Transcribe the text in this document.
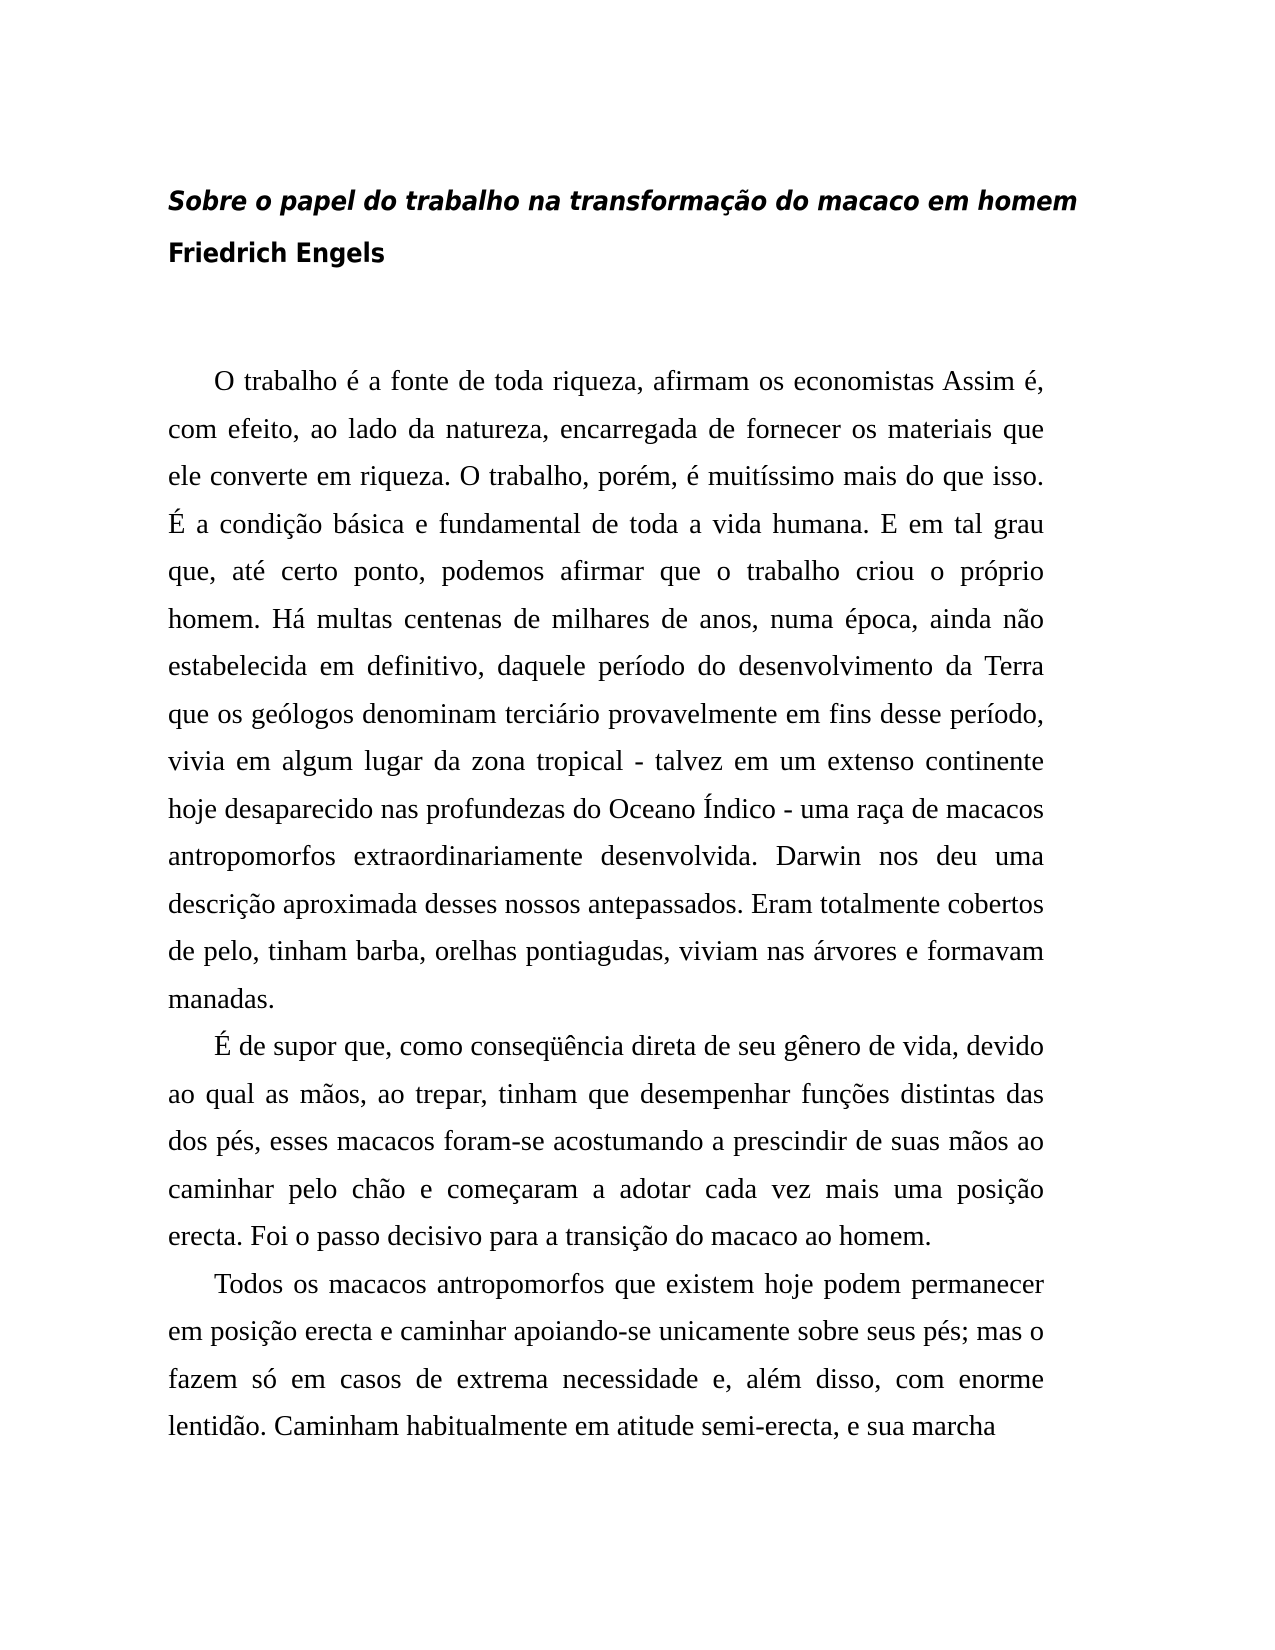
Sobre o papel do trabalho na transformação do macaco em homem
Friedrich Engels

O trabalho é a fonte de toda riqueza, afirmam os economistas Assim é, com efeito, ao lado da natureza, encarregada de fornecer os materiais que ele converte em riqueza. O trabalho, porém, é muitíssimo mais do que isso. É a condição básica e fundamental de toda a vida humana. E em tal grau que, até certo ponto, podemos afirmar que o trabalho criou o próprio homem. Há multas centenas de milhares de anos, numa época, ainda não estabelecida em definitivo, daquele período do desenvolvimento da Terra que os geólogos denominam terciário provavelmente em fins desse período, vivia em algum lugar da zona tropical - talvez em um extenso continente hoje desaparecido nas profundezas do Oceano Índico - uma raça de macacos antropomorfos extraordinariamente desenvolvida. Darwin nos deu uma descrição aproximada desses nossos antepassados. Eram totalmente cobertos de pelo, tinham barba, orelhas pontiagudas, viviam nas árvores e formavam manadas.

É de supor que, como conseqüência direta de seu gênero de vida, devido ao qual as mãos, ao trepar, tinham que desempenhar funções distintas das dos pés, esses macacos foram-se acostumando a prescindir de suas mãos ao caminhar pelo chão e começaram a adotar cada vez mais uma posição erecta. Foi o passo decisivo para a transição do macaco ao homem.

Todos os macacos antropomorfos que existem hoje podem permanecer em posição erecta e caminhar apoiando-se unicamente sobre seus pés; mas o fazem só em casos de extrema necessidade e, além disso, com enorme lentidão. Caminham habitualmente em atitude semi-erecta, e sua marcha
